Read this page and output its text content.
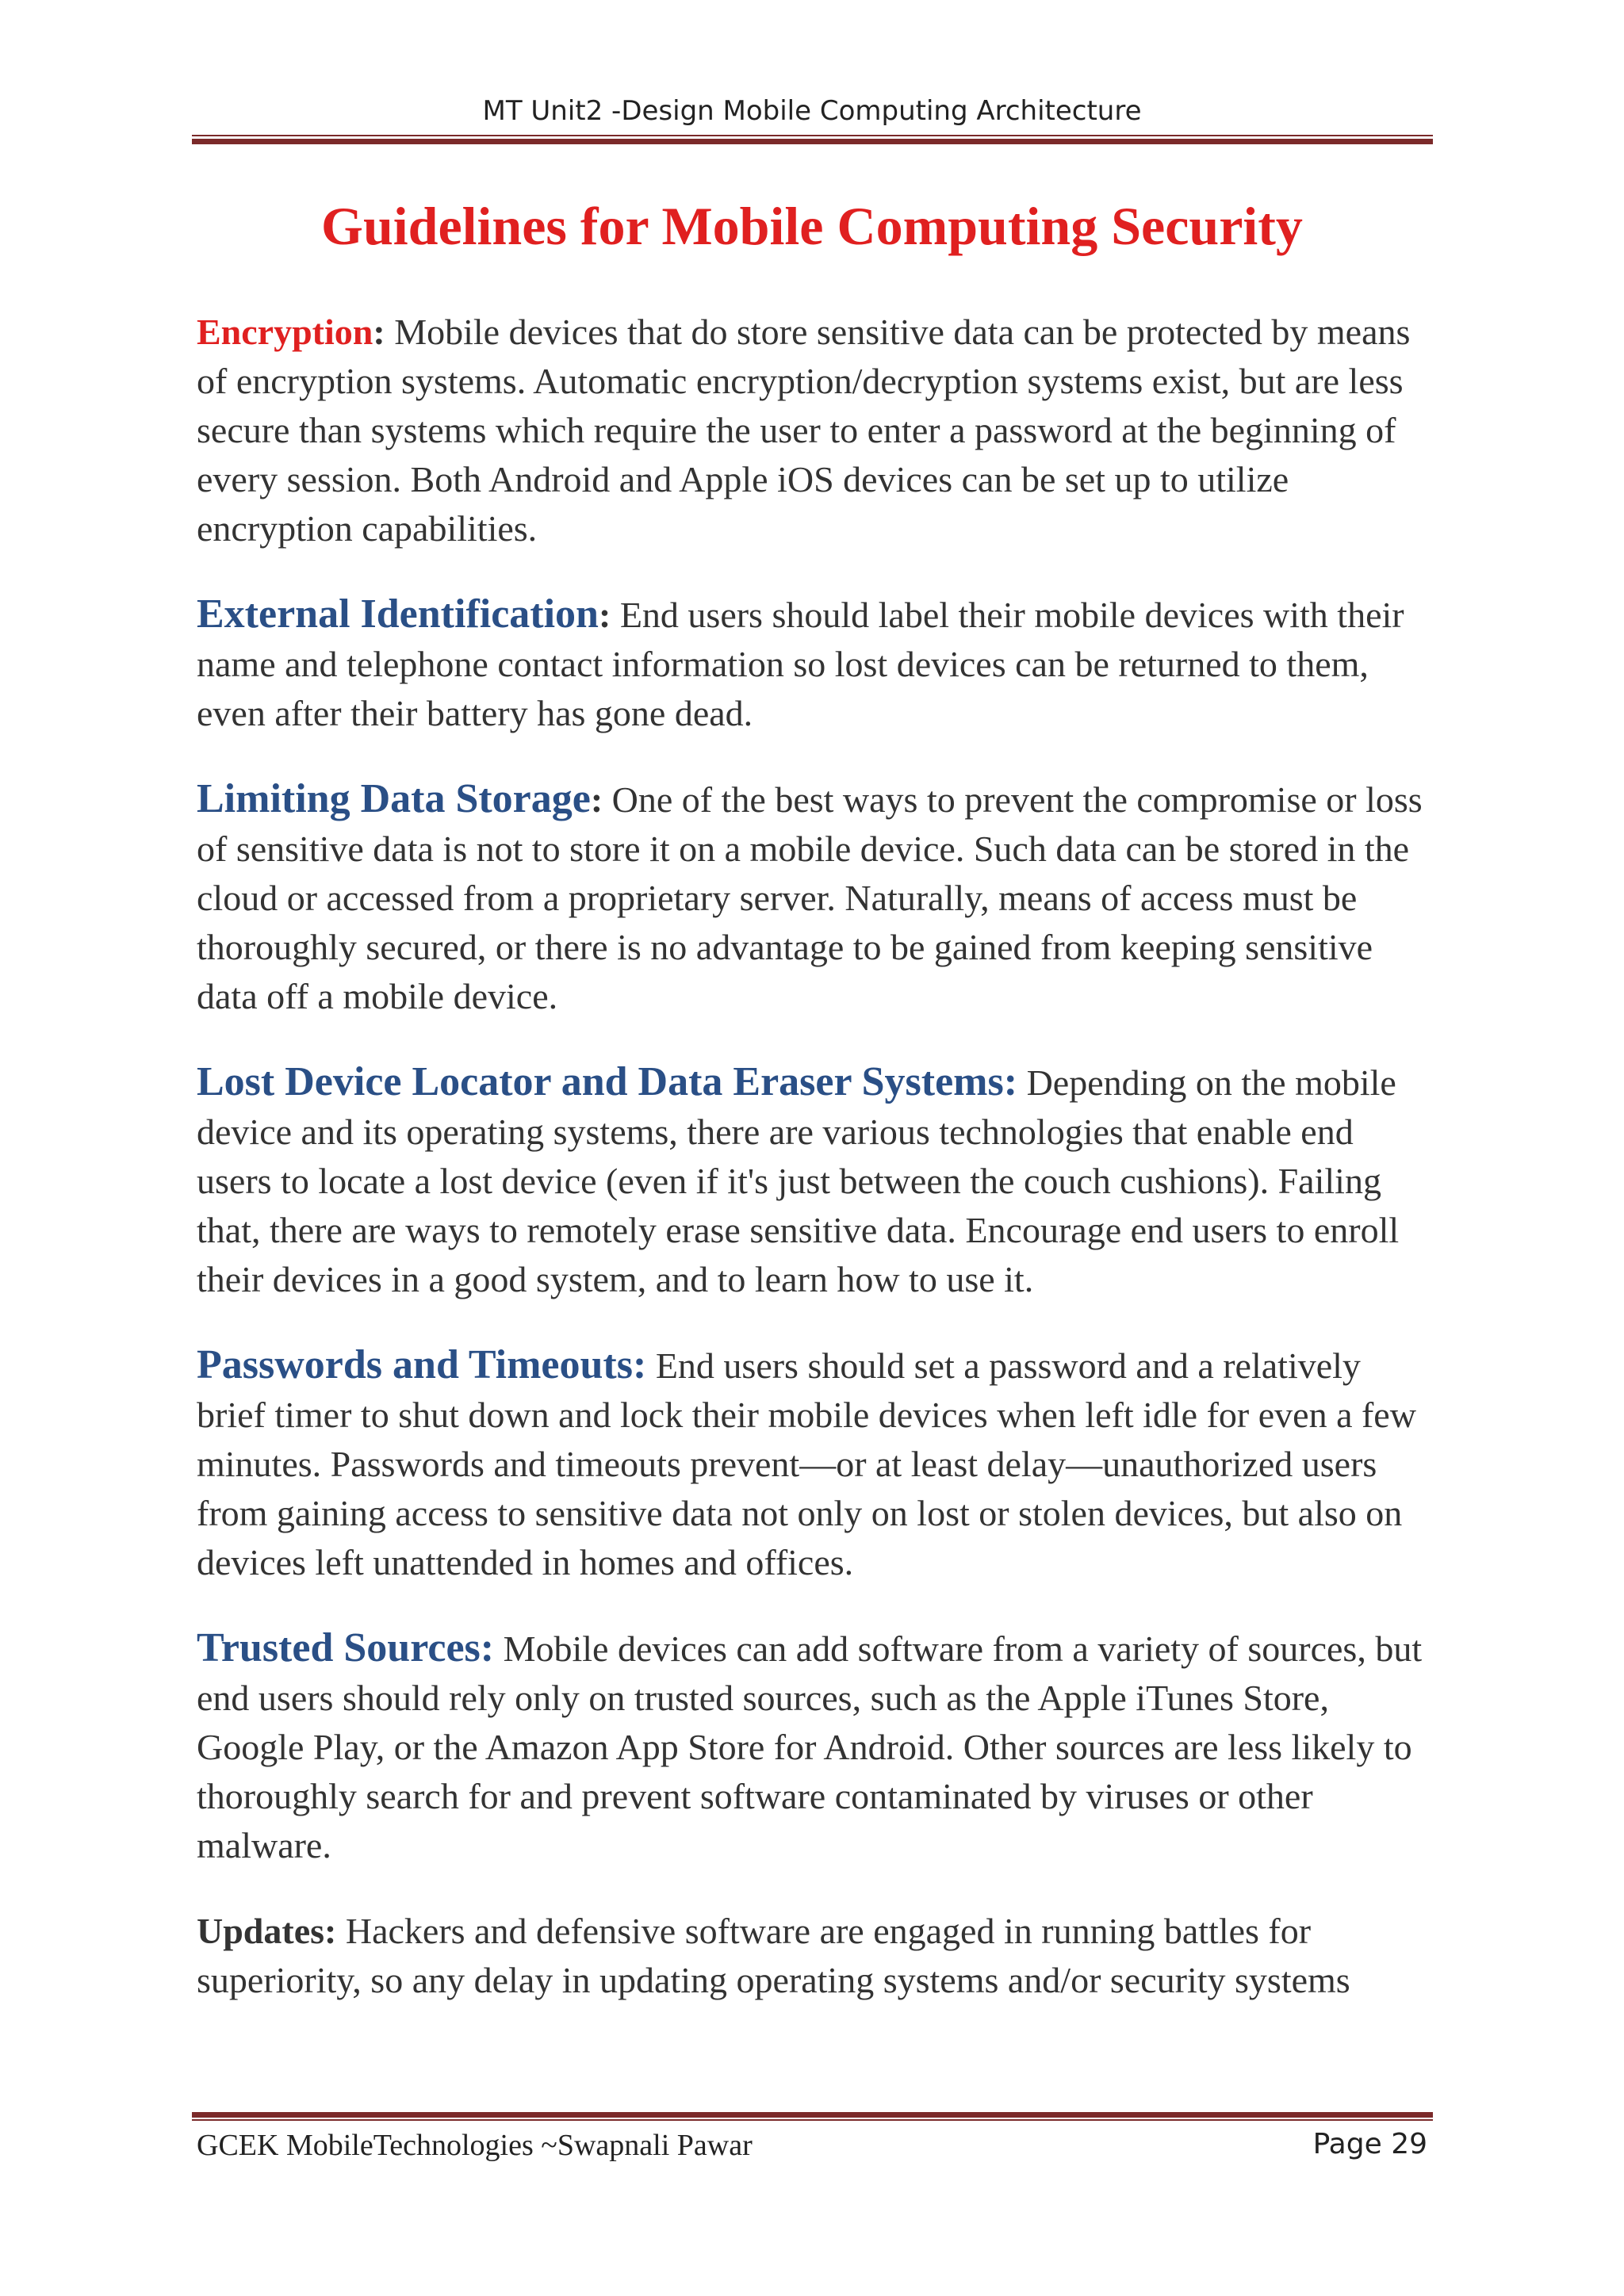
MT Unit2 -Design Mobile Computing Architecture
Guidelines for Mobile Computing Security

Encryption: Mobile devices that do store sensitive data can be protected by means of encryption systems. Automatic encryption/decryption systems exist, but are less secure than systems which require the user to enter a password at the beginning of every session. Both Android and Apple iOS devices can be set up to utilize encryption capabilities.

External Identification: End users should label their mobile devices with their name and telephone contact information so lost devices can be returned to them, even after their battery has gone dead.

Limiting Data Storage: One of the best ways to prevent the compromise or loss of sensitive data is not to store it on a mobile device. Such data can be stored in the cloud or accessed from a proprietary server. Naturally, means of access must be thoroughly secured, or there is no advantage to be gained from keeping sensitive data off a mobile device.

Lost Device Locator and Data Eraser Systems: Depending on the mobile device and its operating systems, there are various technologies that enable end users to locate a lost device (even if it's just between the couch cushions). Failing that, there are ways to remotely erase sensitive data. Encourage end users to enroll their devices in a good system, and to learn how to use it.

Passwords and Timeouts: End users should set a password and a relatively brief timer to shut down and lock their mobile devices when left idle for even a few minutes. Passwords and timeouts prevent—or at least delay—unauthorized users from gaining access to sensitive data not only on lost or stolen devices, but also on devices left unattended in homes and offices.

Trusted Sources: Mobile devices can add software from a variety of sources, but end users should rely only on trusted sources, such as the Apple iTunes Store, Google Play, or the Amazon App Store for Android. Other sources are less likely to thoroughly search for and prevent software contaminated by viruses or other malware.

Updates: Hackers and defensive software are engaged in running battles for superiority, so any delay in updating operating systems and/or security systems

GCEK MobileTechnologies ~Swapnali Pawar	Page 29
